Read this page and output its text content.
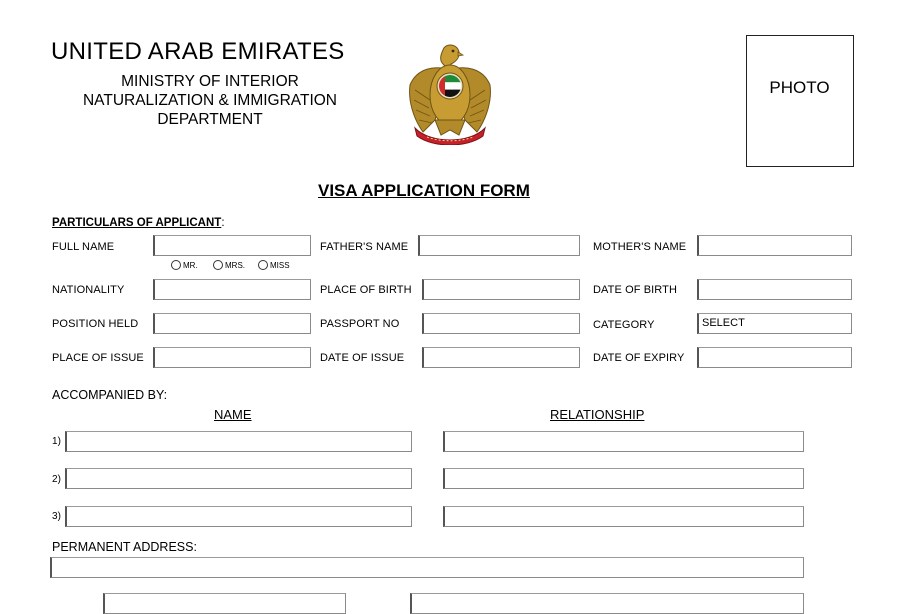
UNITED ARAB EMIRATES
MINISTRY OF INTERIOR
NATURALIZATION & IMMIGRATION
DEPARTMENT
PHOTO
VISA APPLICATION FORM
PARTICULARS OF APPLICANT:
FULL NAME	FATHER'S NAME	MOTHER'S NAME
MR.	MRS.	MISS
NATIONALITY	PLACE OF BIRTH	DATE OF BIRTH
POSITION HELD	PASSPORT NO	CATEGORY	SELECT
PLACE OF ISSUE	DATE OF ISSUE	DATE OF EXPIRY
ACCOMPANIED BY:
NAME	RELATIONSHIP
1)
2)
3)
PERMANENT ADDRESS:
